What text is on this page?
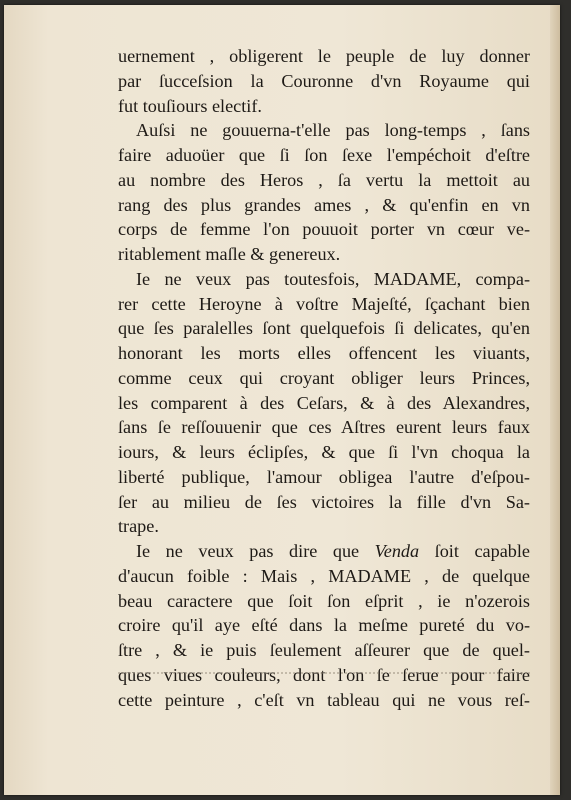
uernement , obligerent le peuple de luy donner
par ſucceſsion la Couronne d'vn Royaume qui
fut touſiours electif.
Auſsi ne gouuerna-t'elle pas long-temps , ſans
faire aduoüer que ſi ſon ſexe l'empéchoit d'eſtre
au nombre des Heros , ſa vertu la mettoit au
rang des plus grandes ames , & qu'enfin en vn
corps de femme l'on pouuoit porter vn cœur ve-
ritablement maſle & genereux.
Ie ne veux pas toutesfois, MADAME, compa-
rer cette Heroyne à voſtre Majeſté, ſçachant bien
que ſes paralelles ſont quelquefois ſi delicates, qu'en
honorant les morts elles offencent les viuants,
comme ceux qui croyant obliger leurs Princes,
les comparent à des Ceſars, & à des Alexandres,
ſans ſe reſſouuenir que ces Aſtres eurent leurs faux
iours, & leurs éclipſes, & que ſi l'vn choqua la
liberté publique, l'amour obligea l'autre d'eſpou-
ſer au milieu de ſes victoires la fille d'vn Sa-
trape.
Ie ne veux pas dire que Venda ſoit capable
d'aucun foible : Mais , MADAME , de quelque
beau caractere que ſoit ſon eſprit , ie n'ozerois
croire qu'il aye eſté dans la meſme pureté du vo-
ſtre , & ie puis ſeulement aſſeurer que de quel-
ques viues couleurs, dont l'on ſe ſerue pour faire
cette peinture , c'eſt vn tableau qui ne vous reſ-
